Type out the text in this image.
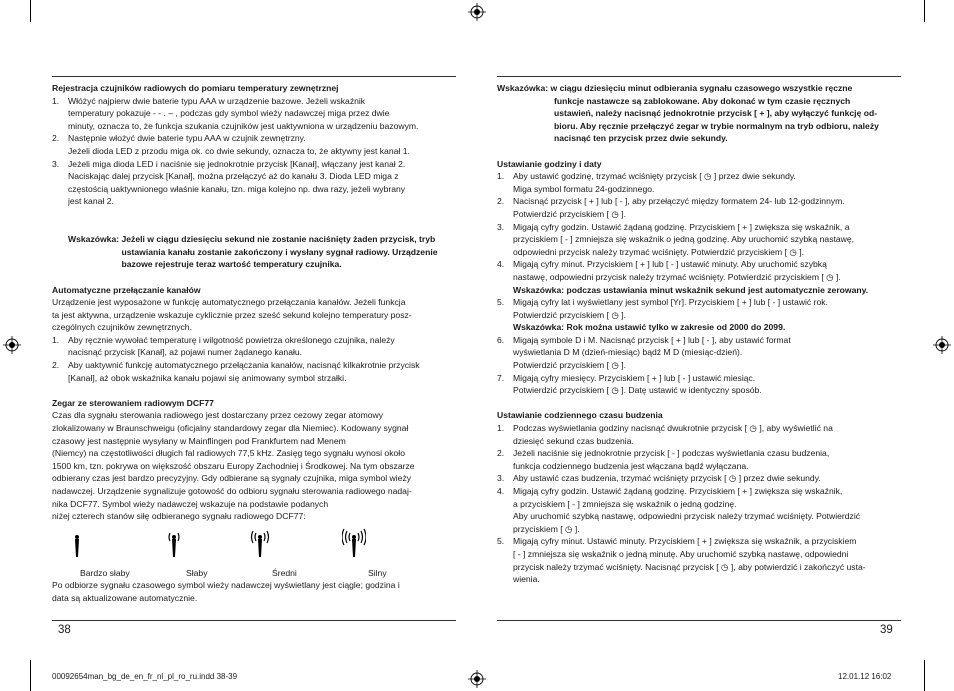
Rejestracja czujników radiowych do pomiaru temperatury zewnętrznej

1.	Włóżyć najpierw dwie baterie typu AAA w urządzenie bazowe. Jeżeli wskaźnik

temperatury pokazuje - - . – , podczas gdy symbol wieży nadawczej miga przez dwie

minuty, oznacza to, że funkcja szukania czujników jest uaktywniona w urządzeniu bazowym.

2.	Następnie włożyć dwie baterie typu AAA w czujnik zewnętrzny.

Jeżeli dioda LED z przodu miga ok. co dwie sekundy, oznacza to, że aktywny jest kanał 1.

3.	Jeżeli miga dioda LED i naciśnie się jednokrotnie przycisk [Kanał], włączany jest kanał 2.

Naciskając dalej przycisk [Kanał], można przełączyć aż do kanału 3. Dioda LED miga z

częstością uaktywnionego właśnie kanału, tzn. miga kolejno np. dwa razy, jeżeli wybrany

jest kanał 2.

Wskazówka: Jeżeli w ciągu dziesięciu sekund nie zostanie naciśnięty żaden przycisk, tryb

ustawiania kanału zostanie zakończony i wysłany sygnał radiowy. Urządzenie

bazowe rejestruje teraz wartość temperatury czujnika.

Automatyczne przełączanie kanałów

Urządzenie jest wyposażone w funkcję automatycznego przełączania kanałów. Jeżeli funkcja

ta jest aktywna, urządzenie wskazuje cyklicznie przez sześć sekund kolejno temperatury posz-

czególnych czujników zewnętrznych.

1.	Aby ręcznie wywołać temperaturę i wilgotność powietrza określonego czujnika, należy

nacisnąć przycisk [Kanał], aż pojawi numer żądanego kanału.

2.	Aby uaktywnić funkcję automatycznego przełączania kanałów, nacisnąć kilkakrotnie przycisk

[Kanał], aż obok wskaźnika kanału pojawi się animowany symbol strzałki.

Zegar ze sterowaniem radiowym DCF77

Czas dla sygnału sterowania radiowego jest dostarczany przez cezowy zegar atomowy

zlokalizowany w Braunschweigu (oficjalny standardowy zegar dla Niemiec). Kodowany sygnał

czasowy jest następnie wysyłany w Mainflingen pod Frankfurtem nad Menem

(Niemcy) na częstotliwości długich fal radiowych 77,5 kHz. Zasięg tego sygnału wynosi około

1500 km, tzn. pokrywa on większość obszaru Europy Zachodniej i Środkowej. Na tym obszarze

odbierany czas jest bardzo precyzyjny. Gdy odbierane są sygnały czujnika, miga symbol wieży

nadawczej. Urządzenie sygnalizuje gotowość do odbioru sygnału sterowania radiowego nadaj-

nika DCF77. Symbol wieży nadawczej wskazuje na podstawie podanych

niżej czterech stanów siłę odbieranego sygnału radiowego DCF77:

Bardzo słaby	Słaby	Średni	Silny

Po odbiorze sygnału czasowego symbol wieży nadawczej wyświetlany jest ciągle; godzina i

data są aktualizowane automatycznie.

Wskazówka: w ciągu dziesięciu minut odbierania sygnału czasowego wszystkie ręczne

funkcje nastawcze są zablokowane. Aby dokonać w tym czasie ręcznych

ustawień, należy nacisnąć jednokrotnie przycisk [ + ], aby wyłączyć funkcję od-

bioru. Aby ręcznie przełączyć zegar w trybie normalnym na tryb odbioru, należy

nacisnąć ten przycisk przez dwie sekundy.

Ustawianie godziny i daty

1.	Aby ustawić godzinę, trzymać wciśnięty przycisk [ ◷ ] przez dwie sekundy.

Miga symbol formatu 24-godzinnego.

2.	Nacisnąć przycisk [ + ] lub [ - ], aby przełączyć między formatem 24- lub 12-godzinnym.

Potwierdzić przyciskiem [ ◷ ].

3.	Migają cyfry godzin. Ustawić żądaną godzinę. Przyciskiem [ + ] zwiększa się wskaźnik, a

przyciskiem [ - ] zmniejsza się wskaźnik o jedną godzinę. Aby uruchomić szybką nastawę,

odpowiedni przycisk należy trzymać wciśnięty. Potwierdzić przyciskiem [ ◷ ].

4.	Migają cyfry minut. Przyciskiem [ + ] lub [ - ] ustawić minuty. Aby uruchomić szybką

nastawę, odpowiedni przycisk należy trzymać wciśnięty. Potwierdzić przyciskiem [ ◷ ].

Wskazówka: podczas ustawiania minut wskaźnik sekund jest automatycznie zerowany.

5.	Migają cyfry lat i wyświetlany jest symbol [Yr]. Przyciskiem [ + ] lub [ - ] ustawić rok.

Potwierdzić przyciskiem [ ◷ ].

Wskazówka: Rok można ustawić tylko w zakresie od 2000 do 2099.

6.	Migają symbole D i M. Nacisnąć przycisk [ + ] lub [ - ], aby ustawić format

wyświetlania D M (dzień-miesiąc) bądź M D (miesiąc-dzień).

Potwierdzić przyciskiem [ ◷ ].

7.	Migają cyfry miesięcy. Przyciskiem [ + ] lub [ - ] ustawić miesiąc.

Potwierdzić przyciskiem [ ◷ ]. Datę ustawić w identyczny sposób.

Ustawianie codziennego czasu budzenia

1.	Podczas wyświetlania godziny nacisnąć dwukrotnie przycisk [ ◷ ], aby wyświetlić na

dziesięć sekund czas budzenia.

2.	Jeżeli naciśnie się jednokrotnie przycisk [ - ] podczas wyświetlania czasu budzenia,

funkcja codziennego budzenia jest włączana bądź wyłączana.

3.	Aby ustawić czas budzenia, trzymać wciśnięty przycisk [ ◷ ] przez dwie sekundy.

4.	Migają cyfry godzin. Ustawić żądaną godzinę. Przyciskiem [ + ] zwiększa się wskaźnik,

a przyciskiem [ - ] zmniejsza się wskaźnik o jedną godzinę.

Aby uruchomić szybką nastawę, odpowiedni przycisk należy trzymać wciśnięty. Potwierdzić

przyciskiem [ ◷ ].

5.	Migają cyfry minut. Ustawić minuty. Przyciskiem [ + ] zwiększa się wskaźnik, a przyciskiem

[ - ] zmniejsza się wskaźnik o jedną minutę. Aby uruchomić szybką nastawę, odpowiedni

przycisk należy trzymać wciśnięty. Nacisnąć przycisk [ ◷ ], aby potwierdzić i zakończyć usta-

wienia.

38	39
00092654man_bg_de_en_fr_nl_pl_ro_ru.indd 38-39	12.01.12 16:02
